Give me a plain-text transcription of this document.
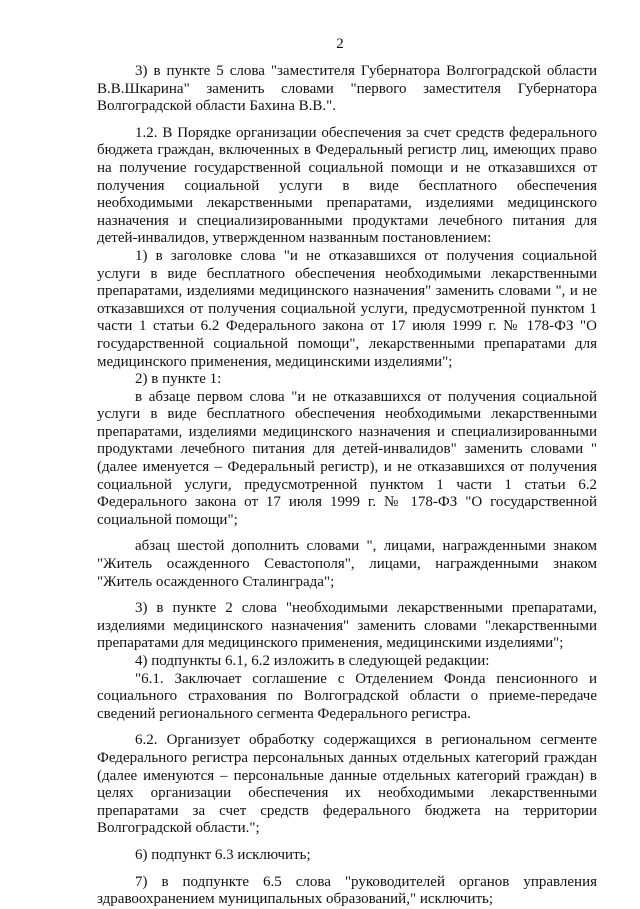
2

3) в пункте 5 слова "заместителя Губернатора Волгоградской области В.В.Шкарина" заменить словами "первого заместителя Губернатора Волгоградской области Бахина В.В.".

1.2. В Порядке организации обеспечения за счет средств федерального бюджета граждан, включенных в Федеральный регистр лиц, имеющих право на получение государственной социальной помощи и не отказавшихся от получения социальной услуги в виде бесплатного обеспечения необходимыми лекарственными препаратами, изделиями медицинского назначения и специализированными продуктами лечебного питания для детей-инвалидов, утвержденном названным постановлением:

1) в заголовке слова "и не отказавшихся от получения социальной услуги в виде бесплатного обеспечения необходимыми лекарственными препаратами, изделиями медицинского назначения" заменить словами ", и не отказавшихся от получения социальной услуги, предусмотренной пунктом 1 части 1 статьи 6.2 Федерального закона от 17 июля 1999 г. № 178-ФЗ "О государственной социальной помощи", лекарственными препаратами для медицинского применения, медицинскими изделиями";

2) в пункте 1:

в абзаце первом слова "и не отказавшихся от получения социальной услуги в виде бесплатного обеспечения необходимыми лекарственными препаратами, изделиями медицинского назначения и специализированными продуктами лечебного питания для детей-инвалидов" заменить словами "(далее именуется – Федеральный регистр), и не отказавшихся от получения социальной услуги, предусмотренной пунктом 1 части 1 статьи 6.2 Федерального закона от 17 июля 1999 г. № 178-ФЗ "О государственной социальной помощи";

абзац шестой дополнить словами ", лицами, награжденными знаком "Житель осажденного Севастополя", лицами, награжденными знаком "Житель осажденного Сталинграда";

3) в пункте 2 слова "необходимыми лекарственными препаратами, изделиями медицинского назначения" заменить словами "лекарственными препаратами для медицинского применения, медицинскими изделиями";

4) подпункты 6.1, 6.2 изложить в следующей редакции:

"6.1. Заключает соглашение с Отделением Фонда пенсионного и социального страхования по Волгоградской области о приеме-передаче сведений регионального сегмента Федерального регистра.

6.2. Организует обработку содержащихся в региональном сегменте Федерального регистра персональных данных отдельных категорий граждан (далее именуются – персональные данные отдельных категорий граждан) в целях организации обеспечения их необходимыми лекарственными препаратами за счет средств федерального бюджета на территории Волгоградской области.";

6) подпункт 6.3 исключить;

7) в подпункте 6.5 слова "руководителей органов управления здравоохранением муниципальных образований," исключить;
